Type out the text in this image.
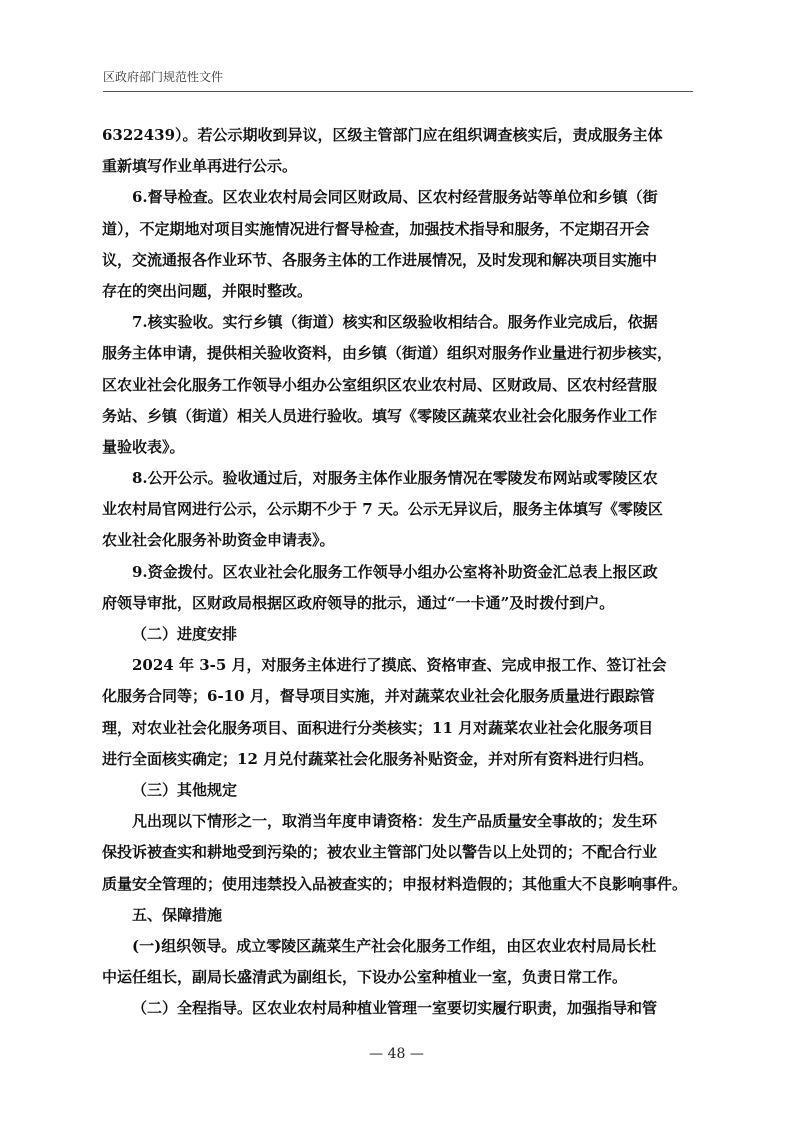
区政府部门规范性文件
6322439）。若公示期收到异议，区级主管部门应在组织调查核实后，责成服务主体
重新填写作业单再进行公示。
6.督导检查。区农业农村局会同区财政局、区农村经营服务站等单位和乡镇（街
道），不定期地对项目实施情况进行督导检查，加强技术指导和服务，不定期召开会
议，交流通报各作业环节、各服务主体的工作进展情况，及时发现和解决项目实施中
存在的突出问题，并限时整改。
7.核实验收。实行乡镇（街道）核实和区级验收相结合。服务作业完成后，依据
服务主体申请，提供相关验收资料，由乡镇（街道）组织对服务作业量进行初步核实，
区农业社会化服务工作领导小组办公室组织区农业农村局、区财政局、区农村经营服
务站、乡镇（街道）相关人员进行验收。填写《零陵区蔬菜农业社会化服务作业工作
量验收表》。
8.公开公示。验收通过后，对服务主体作业服务情况在零陵发布网站或零陵区农
业农村局官网进行公示，公示期不少于 7 天。公示无异议后，服务主体填写《零陵区
农业社会化服务补助资金申请表》。
9.资金拨付。区农业社会化服务工作领导小组办公室将补助资金汇总表上报区政
府领导审批，区财政局根据区政府领导的批示，通过“一卡通”及时拨付到户。
（二）进度安排
2024 年 3-5 月，对服务主体进行了摸底、资格审查、完成申报工作、签订社会
化服务合同等；6-10 月，督导项目实施，并对蔬菜农业社会化服务质量进行跟踪管
理，对农业社会化服务项目、面积进行分类核实；11 月对蔬菜农业社会化服务项目
进行全面核实确定；12 月兑付蔬菜社会化服务补贴资金，并对所有资料进行归档。
（三）其他规定
凡出现以下情形之一，取消当年度申请资格：发生产品质量安全事故的；发生环
保投诉被查实和耕地受到污染的；被农业主管部门处以警告以上处罚的；不配合行业
质量安全管理的；使用违禁投入品被查实的；申报材料造假的；其他重大不良影响事件。
五、保障措施
(一)组织领导。成立零陵区蔬菜生产社会化服务工作组，由区农业农村局局长杜
中运任组长，副局长盛清武为副组长，下设办公室种植业一室，负责日常工作。
（二）全程指导。区农业农村局种植业管理一室要切实履行职责，加强指导和管
— 48 —
